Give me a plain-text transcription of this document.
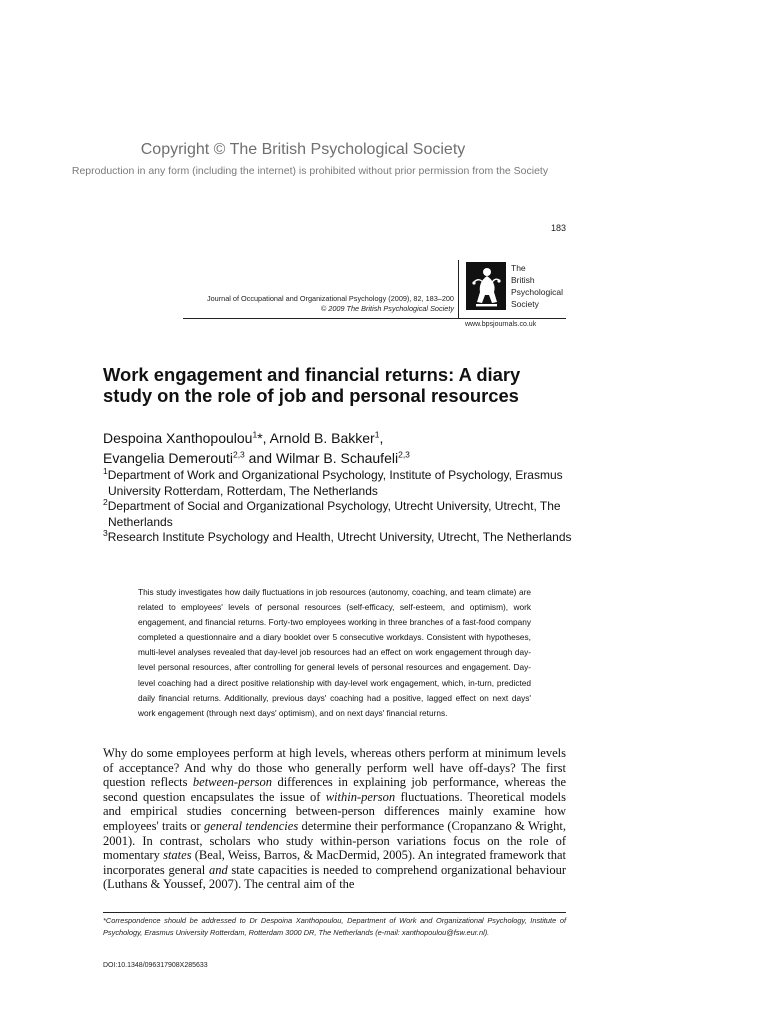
Copyright © The British Psychological Society
Reproduction in any form (including the internet) is prohibited without prior permission from the Society
183
Journal of Occupational and Organizational Psychology (2009), 82, 183–200
© 2009 The British Psychological Society
The
British
Psychological
Society
www.bpsjournals.co.uk
Work engagement and financial returns: A diary study on the role of job and personal resources
Despoina Xanthopoulou$^1$*, Arnold B. Bakker$^1$,
Evangelia Demerouti$^{2,3}$ and Wilmar B. Schaufeli$^{2,3}$
$^1$Department of Work and Organizational Psychology, Institute of Psychology, Erasmus University Rotterdam, Rotterdam, The Netherlands
$^2$Department of Social and Organizational Psychology, Utrecht University, Utrecht, The Netherlands
$^3$Research Institute Psychology and Health, Utrecht University, Utrecht, The Netherlands
This study investigates how daily fluctuations in job resources (autonomy, coaching, and team climate) are related to employees' levels of personal resources (self-efficacy, self-esteem, and optimism), work engagement, and financial returns. Forty-two employees working in three branches of a fast-food company completed a questionnaire and a diary booklet over 5 consecutive workdays. Consistent with hypotheses, multi-level analyses revealed that day-level job resources had an effect on work engagement through day-level personal resources, after controlling for general levels of personal resources and engagement. Day-level coaching had a direct positive relationship with day-level work engagement, which, in-turn, predicted daily financial returns. Additionally, previous days' coaching had a positive, lagged effect on next days' work engagement (through next days' optimism), and on next days' financial returns.
Why do some employees perform at high levels, whereas others perform at minimum levels of acceptance? And why do those who generally perform well have off-days? The first question reflects between-person differences in explaining job performance, whereas the second question encapsulates the issue of within-person fluctuations. Theoretical models and empirical studies concerning between-person differences mainly examine how employees' traits or general tendencies determine their performance (Cropanzano & Wright, 2001). In contrast, scholars who study within-person variations focus on the role of momentary states (Beal, Weiss, Barros, & MacDermid, 2005). An integrated framework that incorporates general and state capacities is needed to comprehend organizational behaviour (Luthans & Youssef, 2007). The central aim of the
*Correspondence should be addressed to Dr Despoina Xanthopoulou, Department of Work and Organizational Psychology, Institute of Psychology, Erasmus University Rotterdam, Rotterdam 3000 DR, The Netherlands (e-mail: xanthopoulou@fsw.eur.nl).
DOI:10.1348/096317908X285633
